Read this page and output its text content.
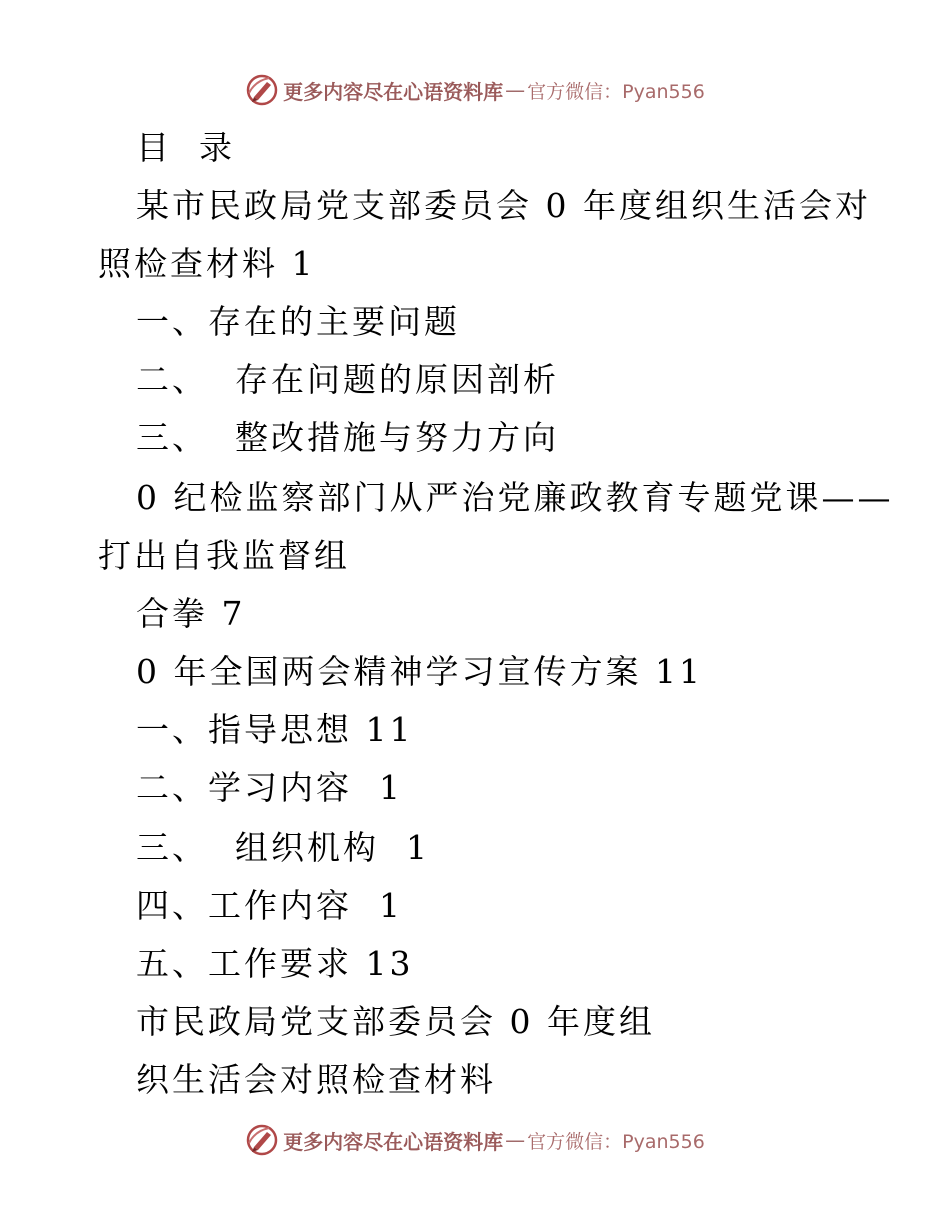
更多内容尽在心语资料库 — 官方微信：Pyan556
目  录
某市民政局党支部委员会 0 年度组织生活会对
照检查材料 1
一、存在的主要问题
二、  存在问题的原因剖析
三、  整改措施与努力方向
0 纪检监察部门从严治党廉政教育专题党课——
打出自我监督组
合拳 7
0 年全国两会精神学习宣传方案 11
一、指导思想 11
二、学习内容  1
三、  组织机构  1
四、工作内容  1
五、工作要求 13
市民政局党支部委员会 0 年度组
织生活会对照检查材料
更多内容尽在心语资料库 — 官方微信：Pyan556
